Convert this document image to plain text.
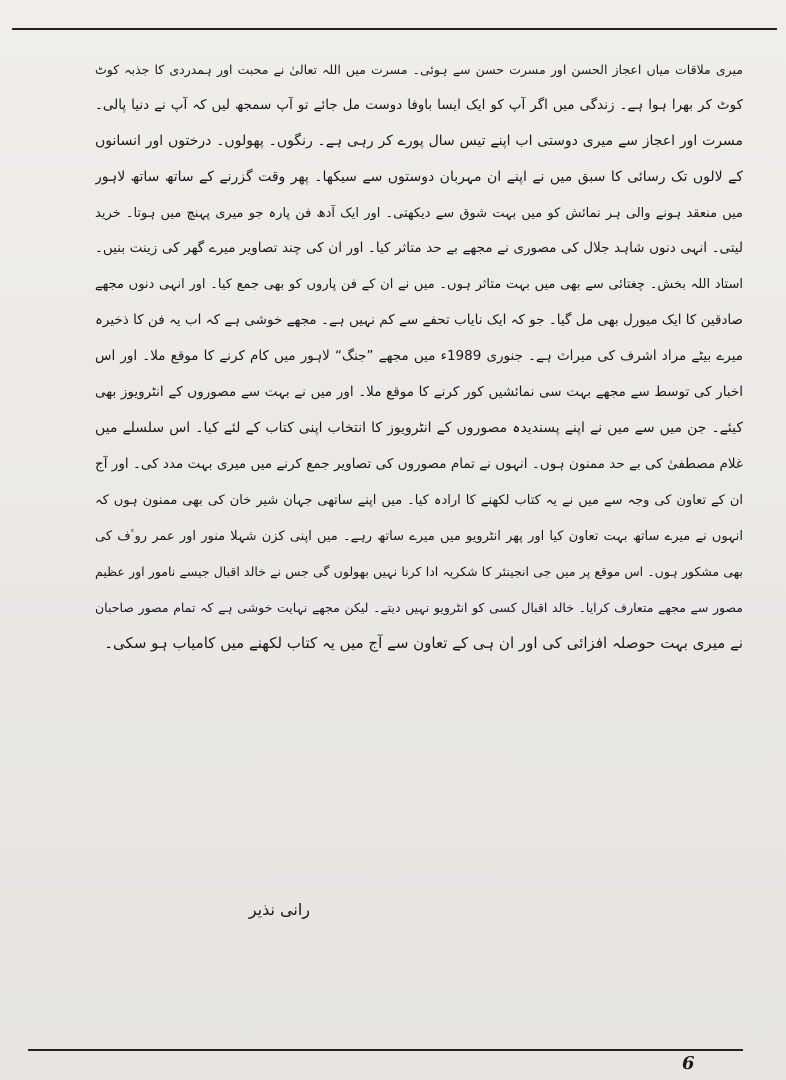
میری ملاقات میاں اعجاز الحسن اور مسرت حسن سے ہوئی۔ مسرت میں اللہ تعالیٰ نے محبت اور ہمدردی کا جذبہ کوٹ
کوٹ کر بھرا ہوا ہے۔ زندگی میں اگر آپ کو ایک ایسا باوفا دوست مل جائے تو آپ سمجھ لیں کہ آپ نے دنیا پالی۔
مسرت اور اعجاز سے میری دوستی اب اپنے تیس سال پورے کر رہی ہے۔ رنگوں۔ پھولوں۔ درختوں اور انسانوں
کے لالوں تک رسائی کا سبق میں نے اپنے ان مہربان دوستوں سے سیکھا۔ پھر وقت گزرنے کے ساتھ ساتھ لاہور
میں منعقد ہونے والی ہر نمائش کو میں بہت شوق سے دیکھتی۔ اور ایک آدھ فن پارہ جو میری پہنچ میں ہوتا۔ خرید
لیتی۔ انہی دنوں شاہد جلال کی مصوری نے مجھے بے حد متاثر کیا۔ اور ان کی چند تصاویر میرے گھر کی زینت بنیں۔
استاد اللہ بخش۔ چغتائی سے بھی میں بہت متاثر ہوں۔ میں نے ان کے فن پاروں کو بھی جمع کیا۔ اور انہی دنوں مجھے
صادقین کا ایک میورل بھی مل گیا۔ جو کہ ایک نایاب تحفے سے کم نہیں ہے۔ مجھے خوشی ہے کہ اب یہ فن کا ذخیرہ
میرے بیٹے مراد اشرف کی میراث ہے۔ جنوری 1989ء میں مجھے ”جنگ“ لاہور میں کام کرنے کا موقع ملا۔ اور اس
اخبار کی توسط سے مجھے بہت سی نمائشیں کور کرنے کا موقع ملا۔ اور میں نے بہت سے مصوروں کے انٹرویوز بھی
کیئے۔ جن میں سے میں نے اپنے پسندیدہ مصوروں کے انٹرویوز کا انتخاب اپنی کتاب کے لئے کیا۔ اس سلسلے میں
غلام مصطفیٰ کی بے حد ممنون ہوں۔ انہوں نے تمام مصوروں کی تصاویر جمع کرنے میں میری بہت مدد کی۔ اور آج
ان کے تعاون کی وجہ سے میں نے یہ کتاب لکھنے کا ارادہ کیا۔ میں اپنے ساتھی جہان شیر خان کی بھی ممنون ہوں کہ
انہوں نے میرے ساتھ بہت تعاون کیا اور پھر انٹرویو میں میرے ساتھ رہے۔ میں اپنی کزن شہلا منور اور عمر روٴف کی
بھی مشکور ہوں۔ اس موقع پر میں جی انجینئر کا شکریہ ادا کرنا نہیں بھولوں گی جس نے خالد اقبال جیسے نامور اور عظیم
مصور سے مجھے متعارف کرایا۔ خالد اقبال کسی کو انٹرویو نہیں دیتے۔ لیکن مجھے نہایت خوشی ہے کہ تمام مصور صاحبان
نے میری بہت حوصلہ افزائی کی اور ان ہی کے تعاون سے آج میں یہ کتاب لکھنے میں کامیاب ہو سکی۔
رانی نذیر
6
